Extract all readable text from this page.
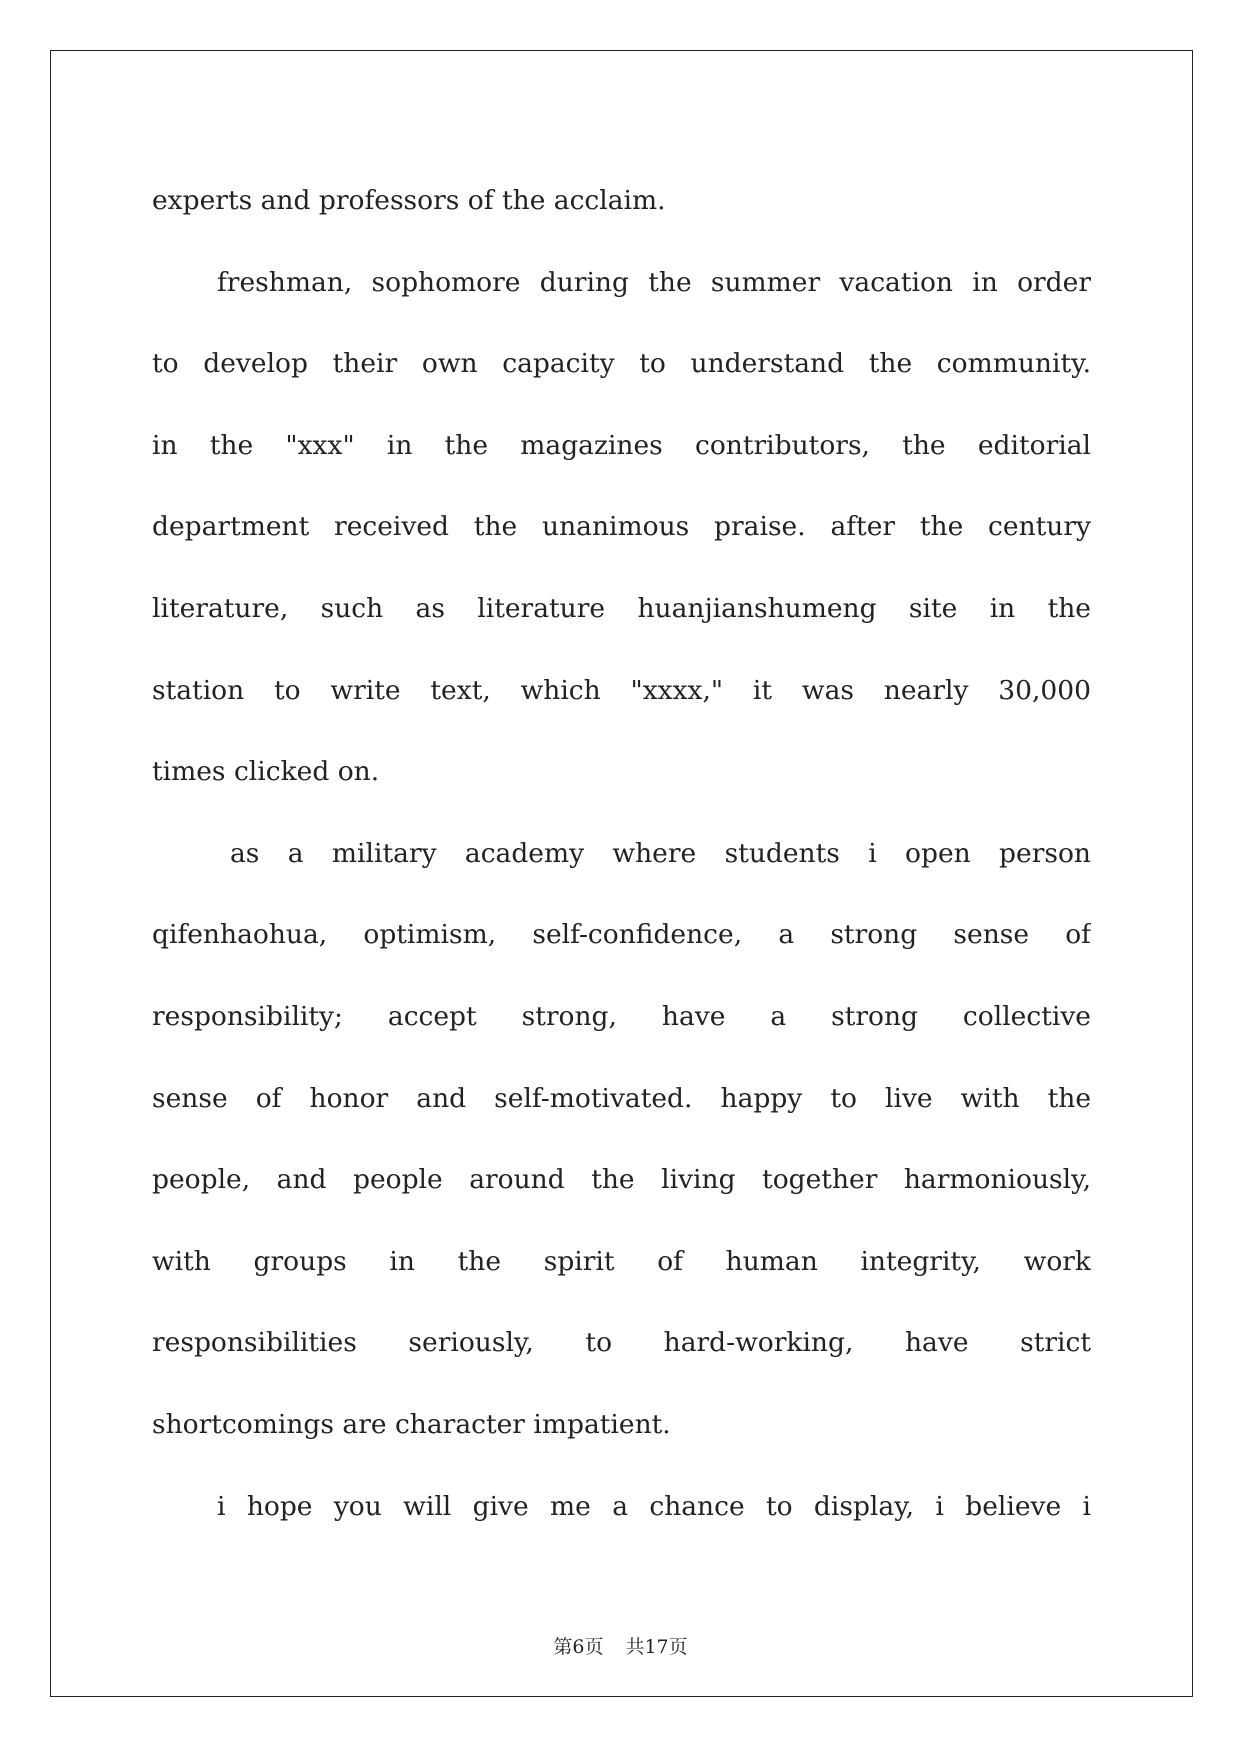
experts and professors of the acclaim.
freshman, sophomore during the summer vacation in order
to develop their own capacity to understand the community.
in the "xxx" in the magazines contributors, the editorial
department received the unanimous praise. after the century
literature, such as literature huanjianshumeng site in the
station to write text, which "xxxx," it was nearly 30,000
times clicked on.
as a military academy where students i open person
qifenhaohua, optimism, self-confidence, a strong sense of
responsibility; accept strong, have a strong collective
sense of honor and self-motivated. happy to live with the
people, and people around the living together harmoniously,
with groups in the spirit of human integrity, work
responsibilities seriously, to hard-working, have strict
shortcomings are character impatient.
i hope you will give me a chance to display, i believe i
第6页 共17页
